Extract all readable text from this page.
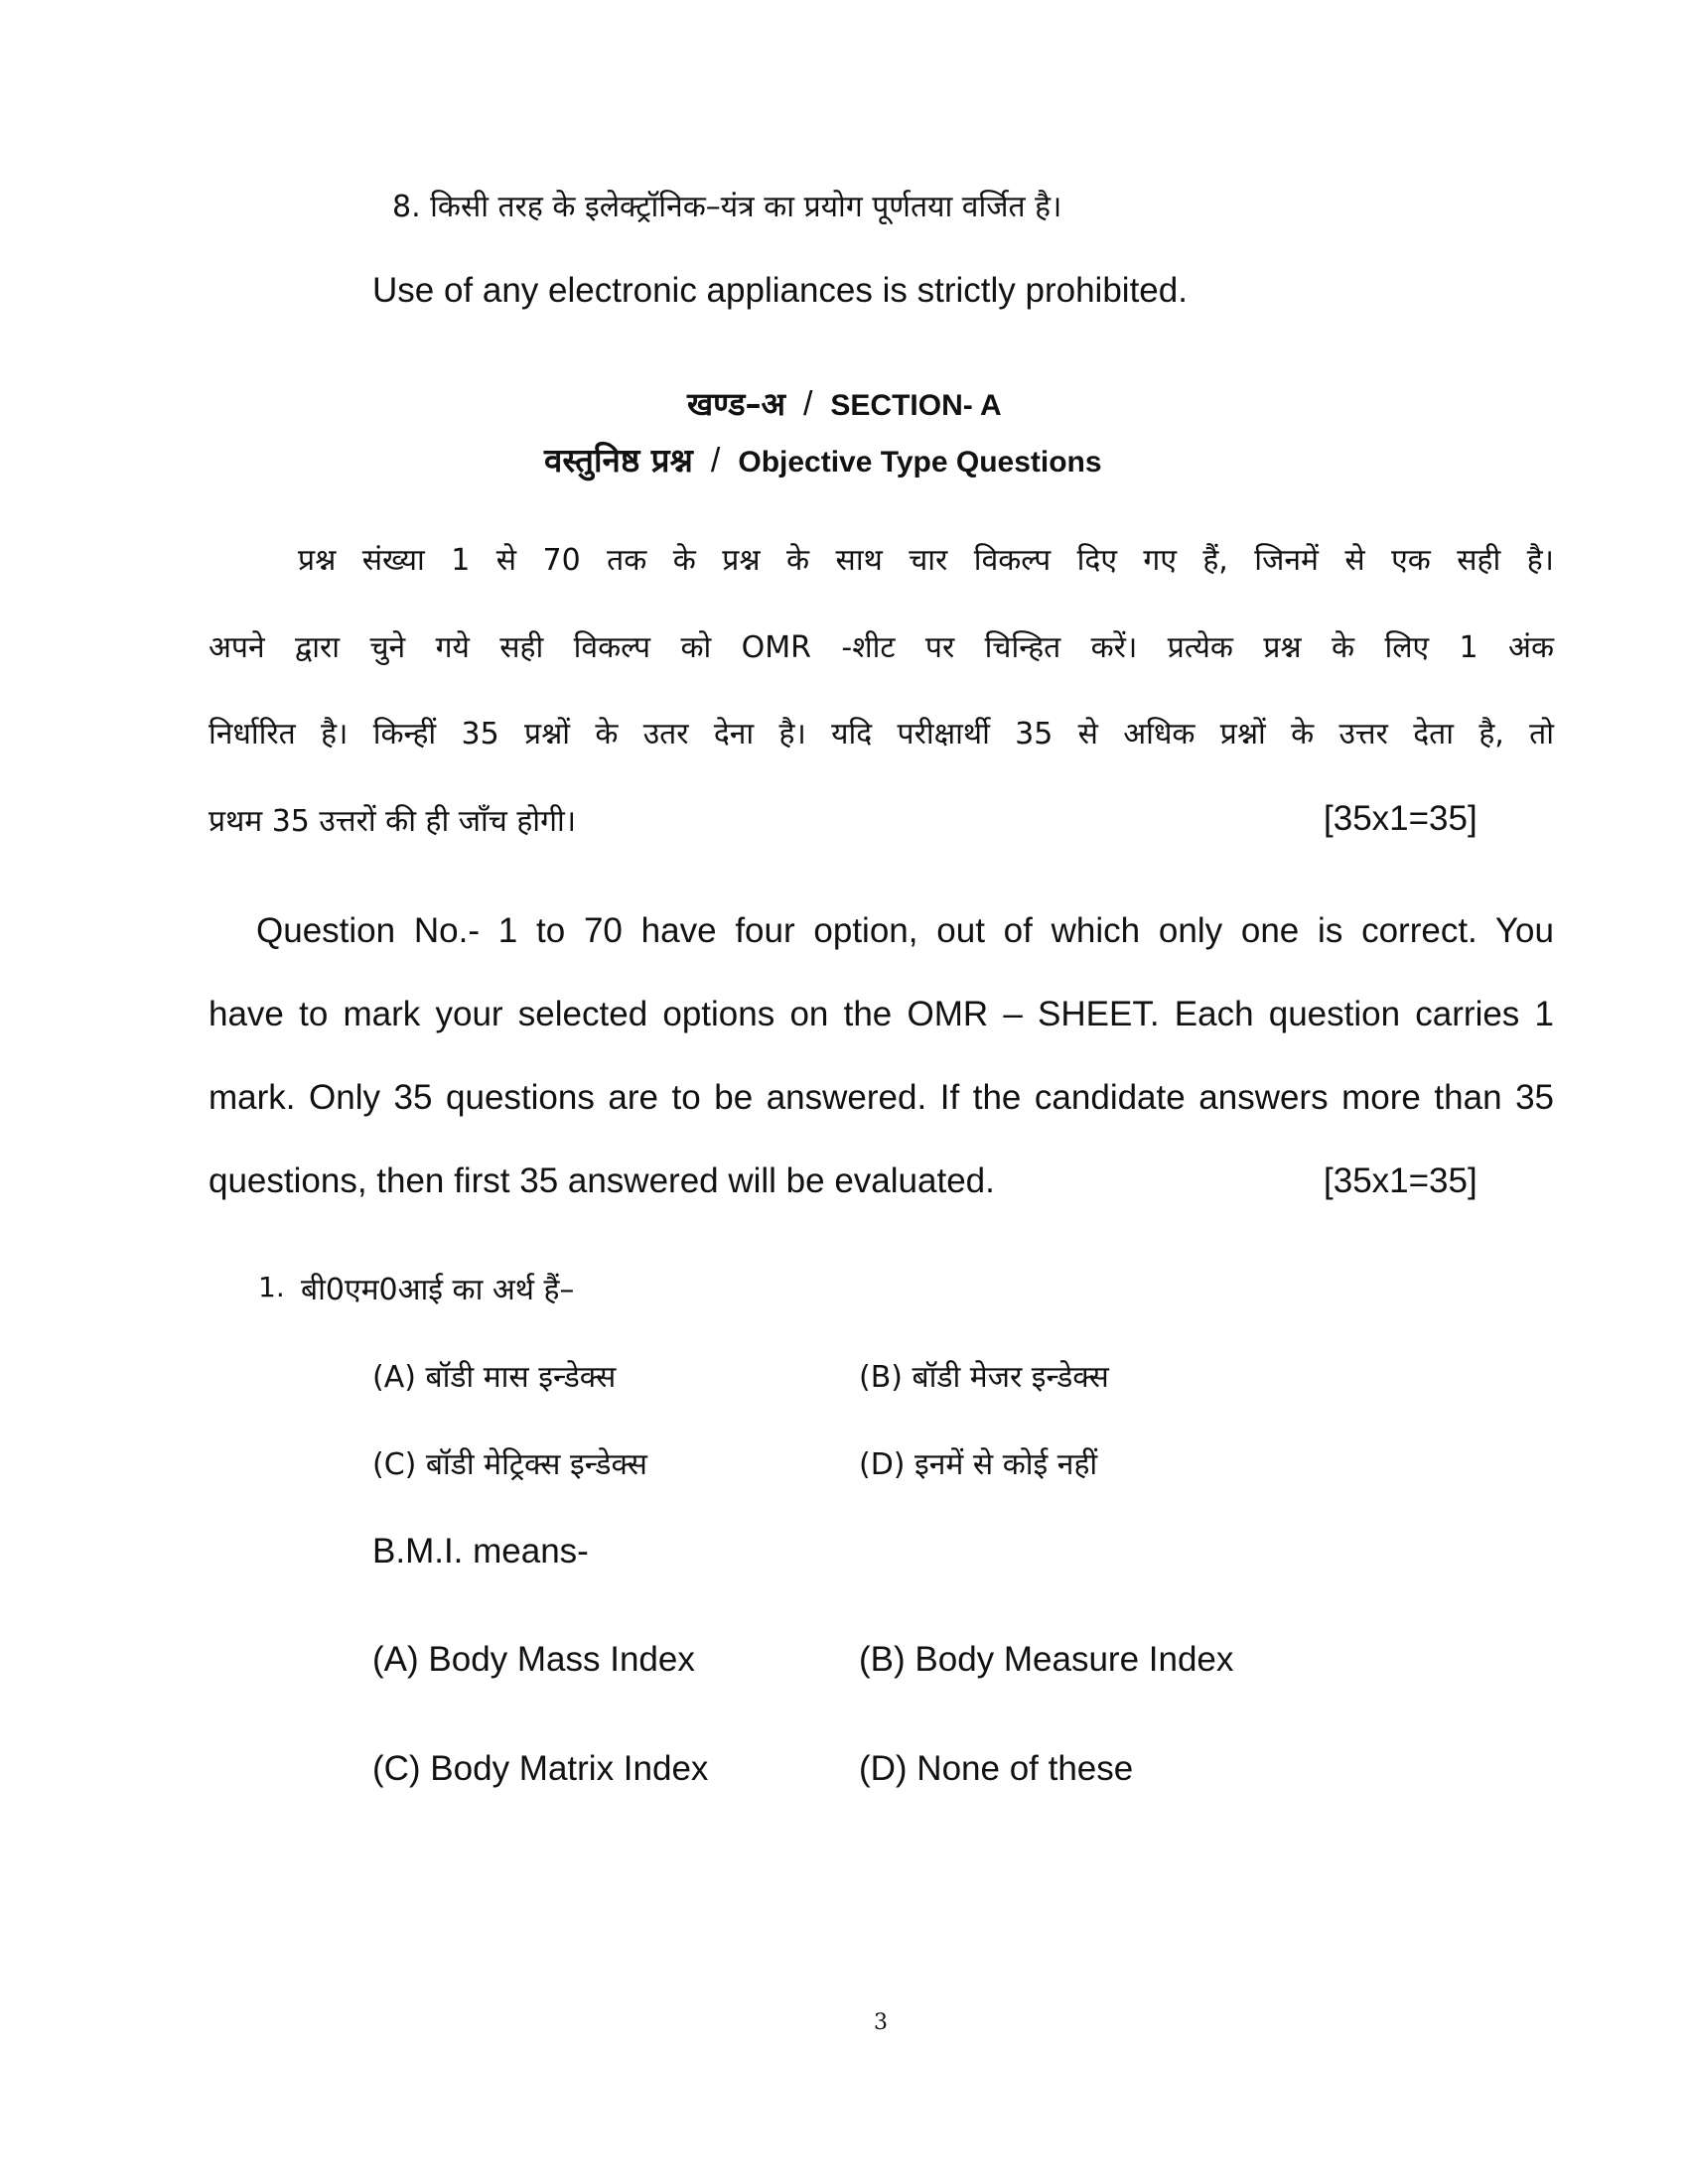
8. किसी तरह के इलेक्ट्रॉनिक–यंत्र का प्रयोग पूर्णतया वर्जित है।
Use of any electronic appliances is strictly prohibited.
खण्ड–अ / SECTION- A
वस्तुनिष्ठ प्रश्न / Objective Type Questions
प्रश्न संख्या 1 से 70 तक के प्रश्न के साथ चार विकल्प दिए गए हैं, जिनमें से एक सही है।
अपने द्वारा चुने गये सही विकल्प को OMR -शीट पर चिन्हित करें। प्रत्येक प्रश्न के लिए 1 अंक
निर्धारित है। किन्हीं 35 प्रश्नों के उतर देना है। यदि परीक्षार्थी 35 से अधिक प्रश्नों के उत्तर देता है, तो
प्रथम 35 उत्तरों की ही जाँच होगी।	[35x1=35]
Question No.- 1 to 70 have four option, out of which only one is correct. You
have to mark your selected options on the OMR – SHEET. Each question carries 1
mark. Only 35 questions are to be answered. If the candidate answers more than 35
questions, then first 35 answered will be evaluated.	[35x1=35]
1. बी0एम0आई का अर्थ हैं–
(A) बॉडी मास इन्डेक्स	(B) बॉडी मेजर इन्डेक्स
(C) बॉडी मेट्रिक्स इन्डेक्स	(D) इनमें से कोई नहीं
B.M.I. means-
(A) Body Mass Index	(B) Body Measure Index
(C) Body Matrix Index	(D) None of these
3
